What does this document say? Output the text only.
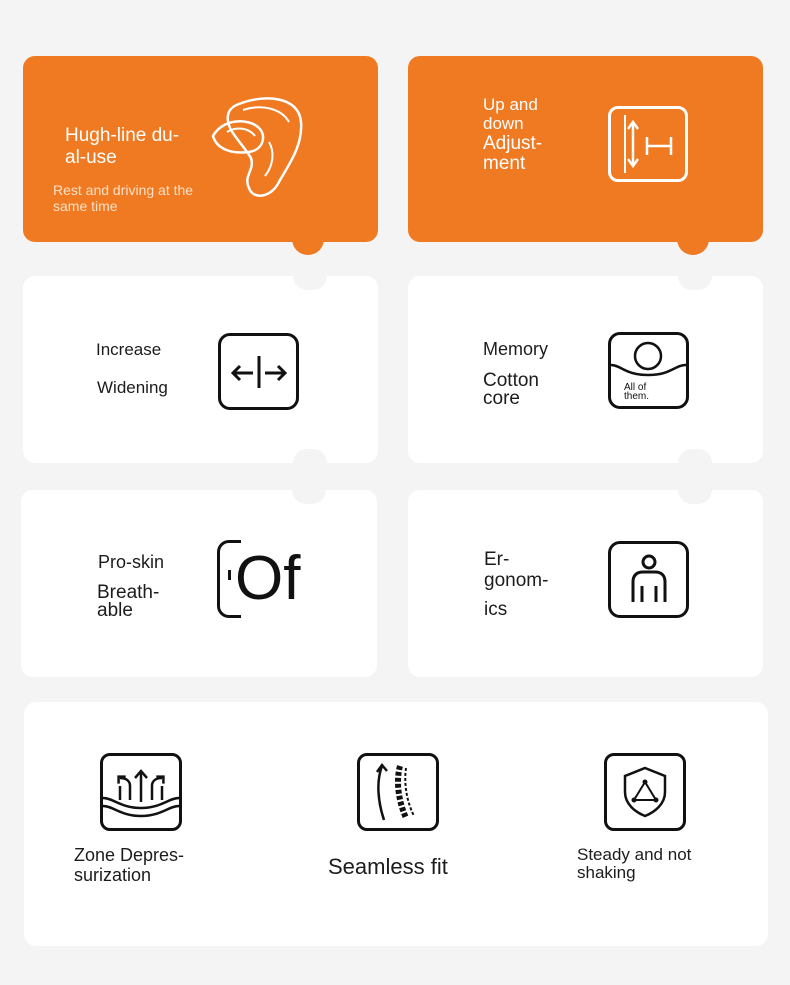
Hugh-line du-
al-use
Rest and driving at the
same time
Up and
down
Adjust-
ment
Increase
Widening
Memory
Cotton
core
All of
them.
Pro-skin
Breath-
able Of	Er-
gonom-
ics
Zone Depres-
surization	Seamless fit	Steady and not
shaking
